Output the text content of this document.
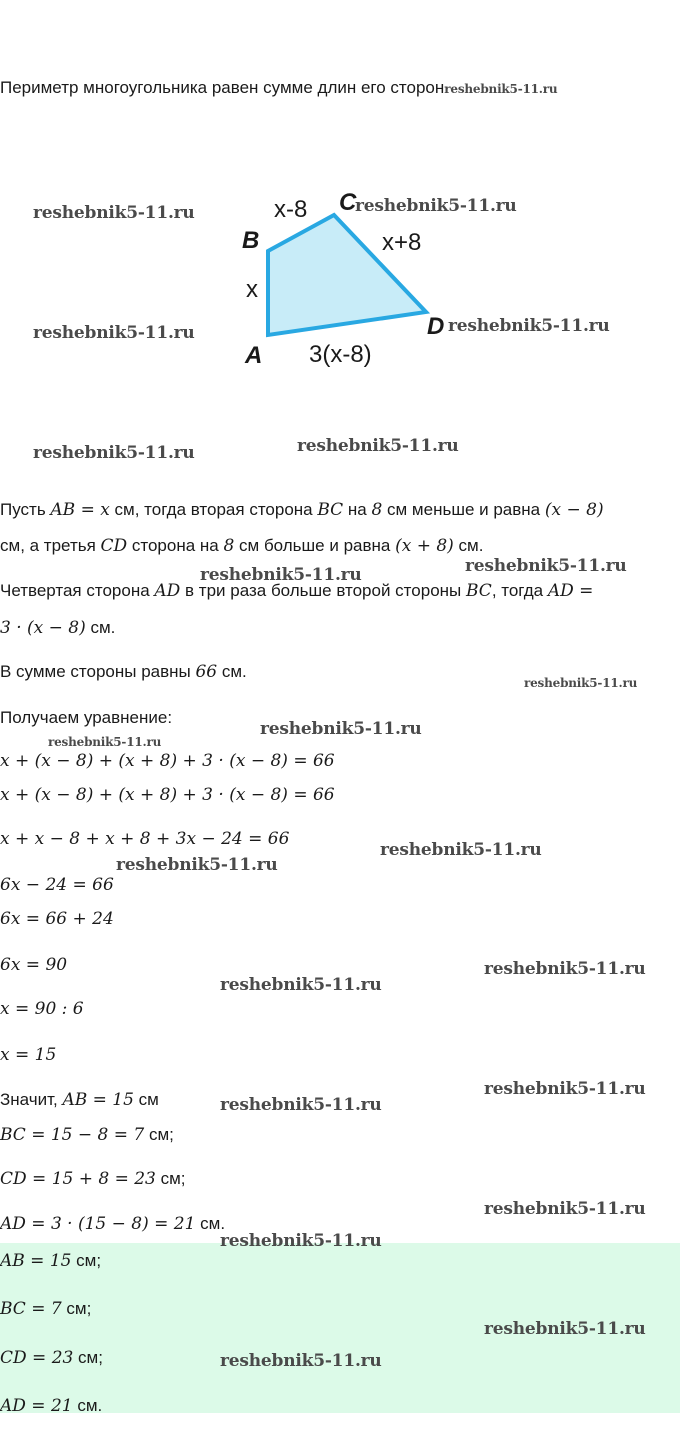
Периметр многоугольника равен сумме длин его сторонreshebnik5-11.ru
B
C
D
A
x-8
x+8
x
3(x-8)
reshebnik5-11.ru	reshebnik5-11.ru
reshebnik5-11.ru	reshebnik5-11.ru
reshebnik5-11.ru	reshebnik5-11.ru
Пусть AB = x см, тогда вторая сторона BC на 8 см меньше и равна (x − 8)
см, а третья CD сторона на 8 см больше и равна (x + 8) см.
reshebnik5-11.ru	reshebnik5-11.ru
Четвертая сторона AD в три раза больше второй стороны BC, тогда AD =
3 · (x − 8) см.
В сумме стороны равны 66 см.
reshebnik5-11.ru
Получаем уравнение:
reshebnik5-11.ru
reshebnik5-11.ru
x + (x − 8) + (x + 8) + 3 · (x − 8) = 66
x + (x − 8) + (x + 8) + 3 · (x − 8) = 66
x + x − 8 + x + 8 + 3x − 24 = 66
reshebnik5-11.ru
reshebnik5-11.ru
6x − 24 = 66
6x = 66 + 24
6x = 90	reshebnik5-11.ru
reshebnik5-11.ru
x = 90 : 6
x = 15
reshebnik5-11.ru
Значит, AB = 15 см	reshebnik5-11.ru
BC = 15 − 8 = 7 см;
CD = 15 + 8 = 23 см;
reshebnik5-11.ru
AD = 3 · (15 − 8) = 21 см.
reshebnik5-11.ru
AB = 15 см;
BC = 7 см;
reshebnik5-11.ru
CD = 23 см;	reshebnik5-11.ru
AD = 21 см.
